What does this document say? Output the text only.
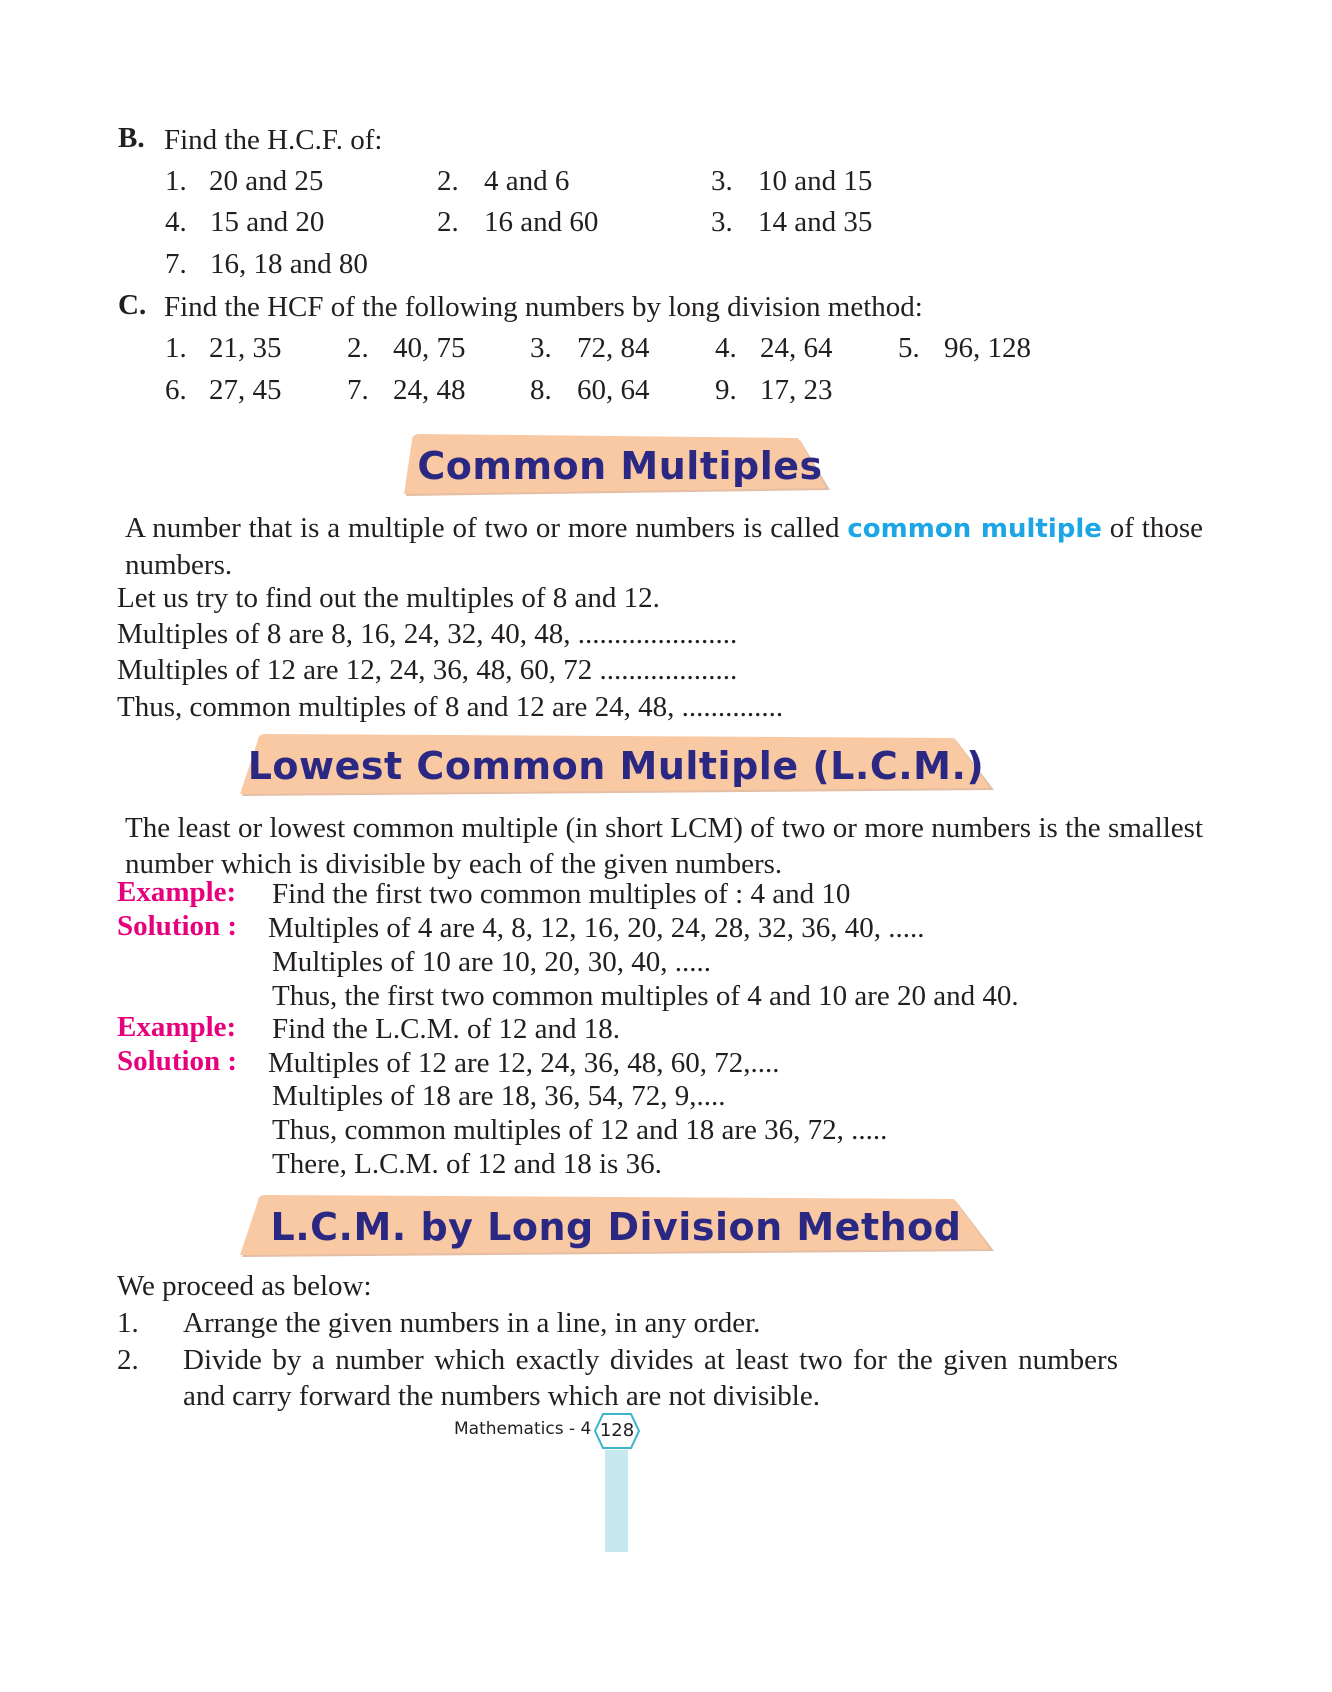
B. Find the H.C.F. of:
1. 20 and 25	2. 4 and 6	3. 10 and 15
4. 15 and 20	2. 16 and 60	3. 14 and 35
7. 16, 18 and 80
C. Find the HCF of the following numbers by long division method:
1. 21, 35 2. 40, 75 3. 72, 84 4. 24, 64 5. 96, 128
6. 27, 45 7. 24, 48 8. 60, 64 9. 17, 23
Common Multiples
A number that is a multiple of two or more numbers is called common multiple of those numbers.
Let us try to find out the multiples of 8 and 12.
Multiples of 8 are 8, 16, 24, 32, 40, 48, ......................
Multiples of 12 are 12, 24, 36, 48, 60, 72 ...................
Thus, common multiples of 8 and 12 are 24, 48, ..............
Lowest Common Multiple (L.C.M.)
The least or lowest common multiple (in short LCM) of two or more numbers is the smallest number which is divisible by each of the given numbers.
Example: Find the first two common multiples of : 4 and 10
Solution : Multiples of 4 are 4, 8, 12, 16, 20, 24, 28, 32, 36, 40, .....
Multiples of 10 are 10, 20, 30, 40, .....
Thus, the first two common multiples of 4 and 10 are 20 and 40.
Example: Find the L.C.M. of 12 and 18.
Solution : Multiples of 12 are 12, 24, 36, 48, 60, 72,....
Multiples of 18 are 18, 36, 54, 72, 9,....
Thus, common multiples of 12 and 18 are 36, 72, .....
There, L.C.M. of 12 and 18 is 36.
L.C.M. by Long Division Method
We proceed as below:
1. Arrange the given numbers in a line, in any order.
2. Divide by a number which exactly divides at least two for the given numbers and carry forward the numbers which are not divisible.
Mathematics - 4 128
